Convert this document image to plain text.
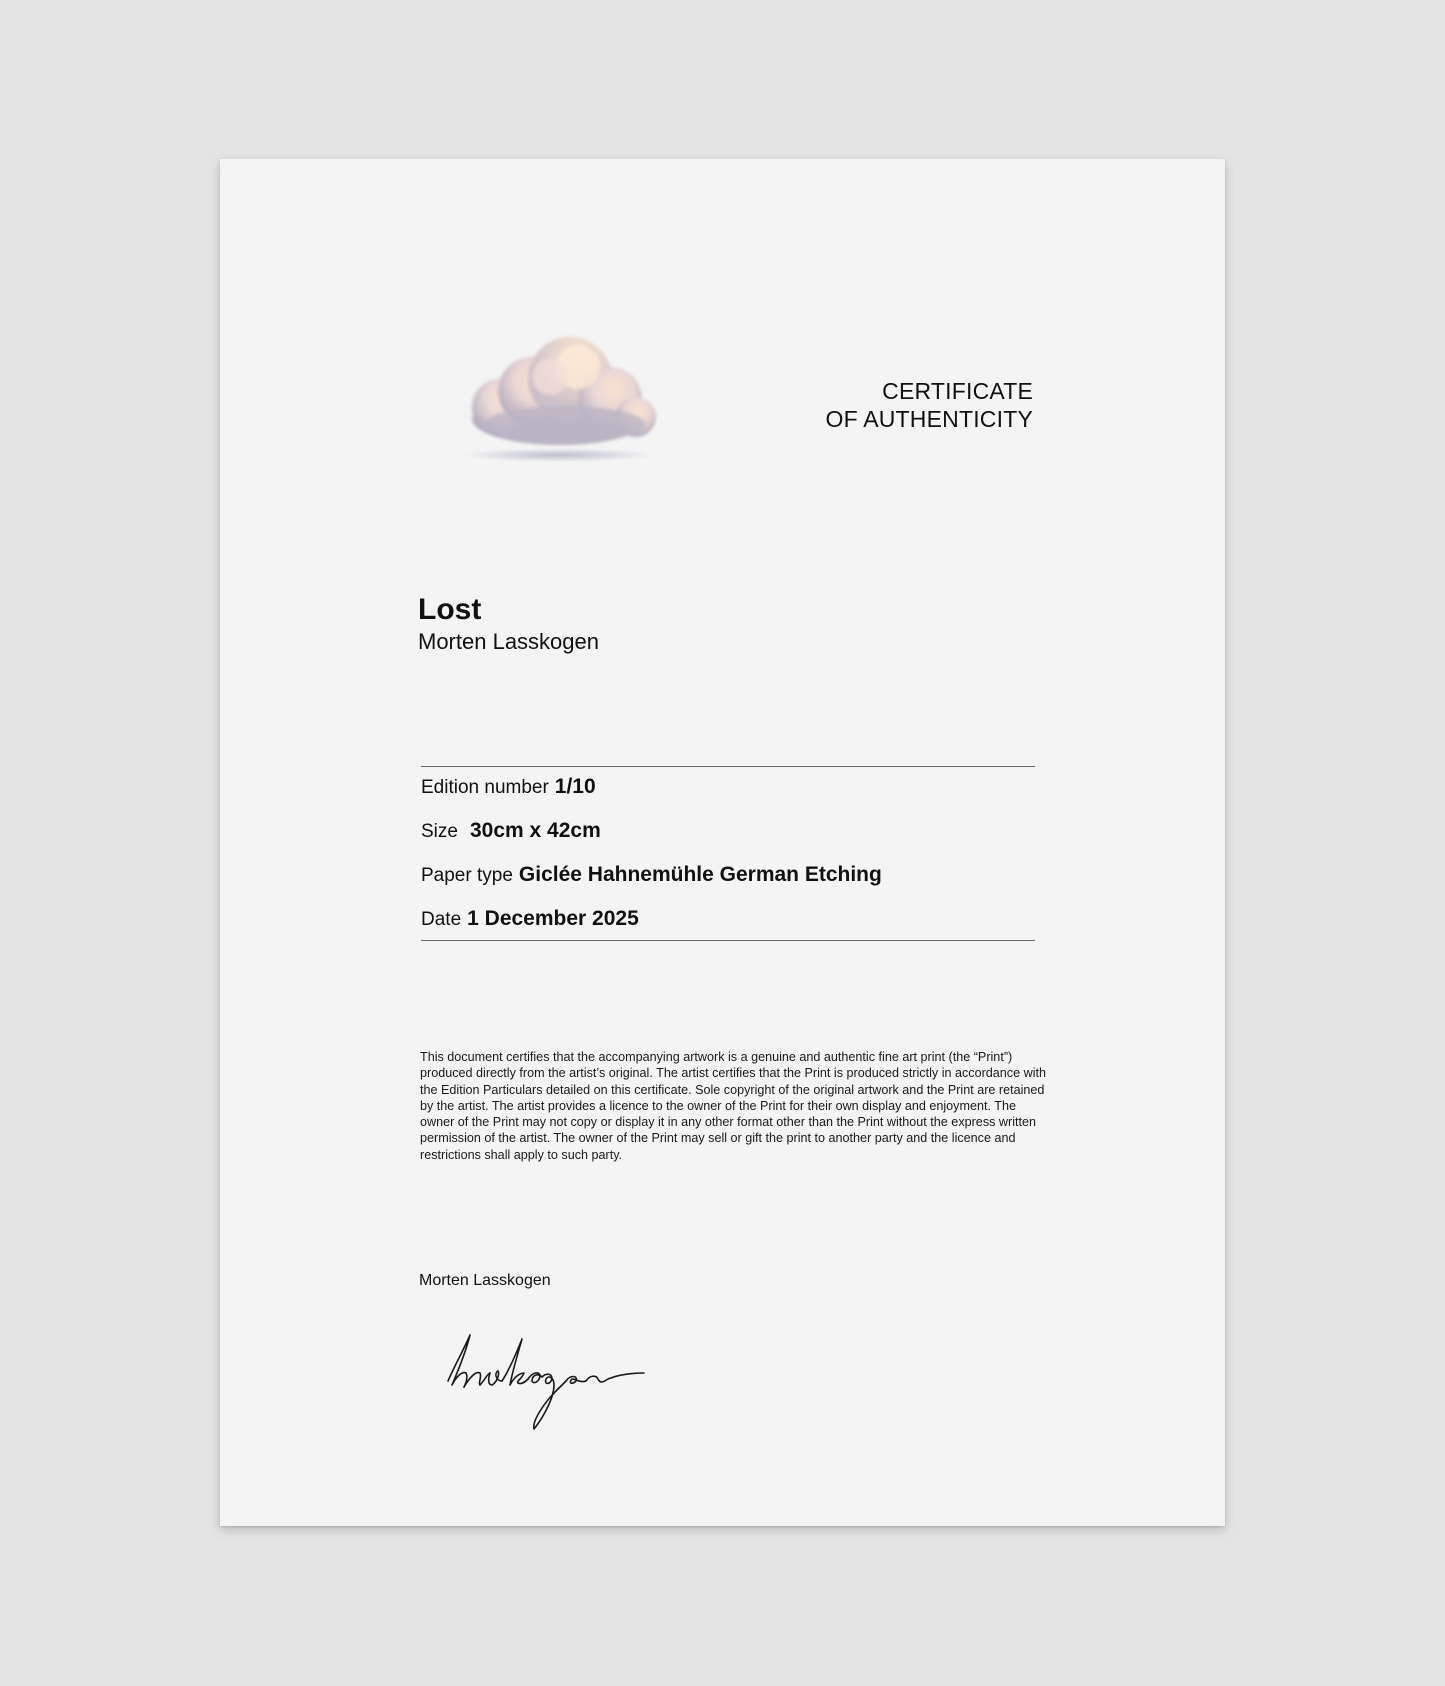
CERTIFICATE
OF AUTHENTICITY
Lost
Morten Lasskogen
Edition number 1/10
Size 30cm x 42cm
Paper type Giclée Hahnemühle German Etching
Date 1 December 2025
This document certifies that the accompanying artwork is a genuine and authentic fine art print (the “Print”) produced directly from the artist’s original. The artist certifies that the Print is produced strictly in accordance with the Edition Particulars detailed on this certificate. Sole copyright of the original artwork and the Print are retained by the artist. The artist provides a licence to the owner of the Print for their own display and enjoyment. The owner of the Print may not copy or display it in any other format other than the Print without the express written permission of the artist. The owner of the Print may sell or gift the print to another party and the licence and restrictions shall apply to such party.
Morten Lasskogen
